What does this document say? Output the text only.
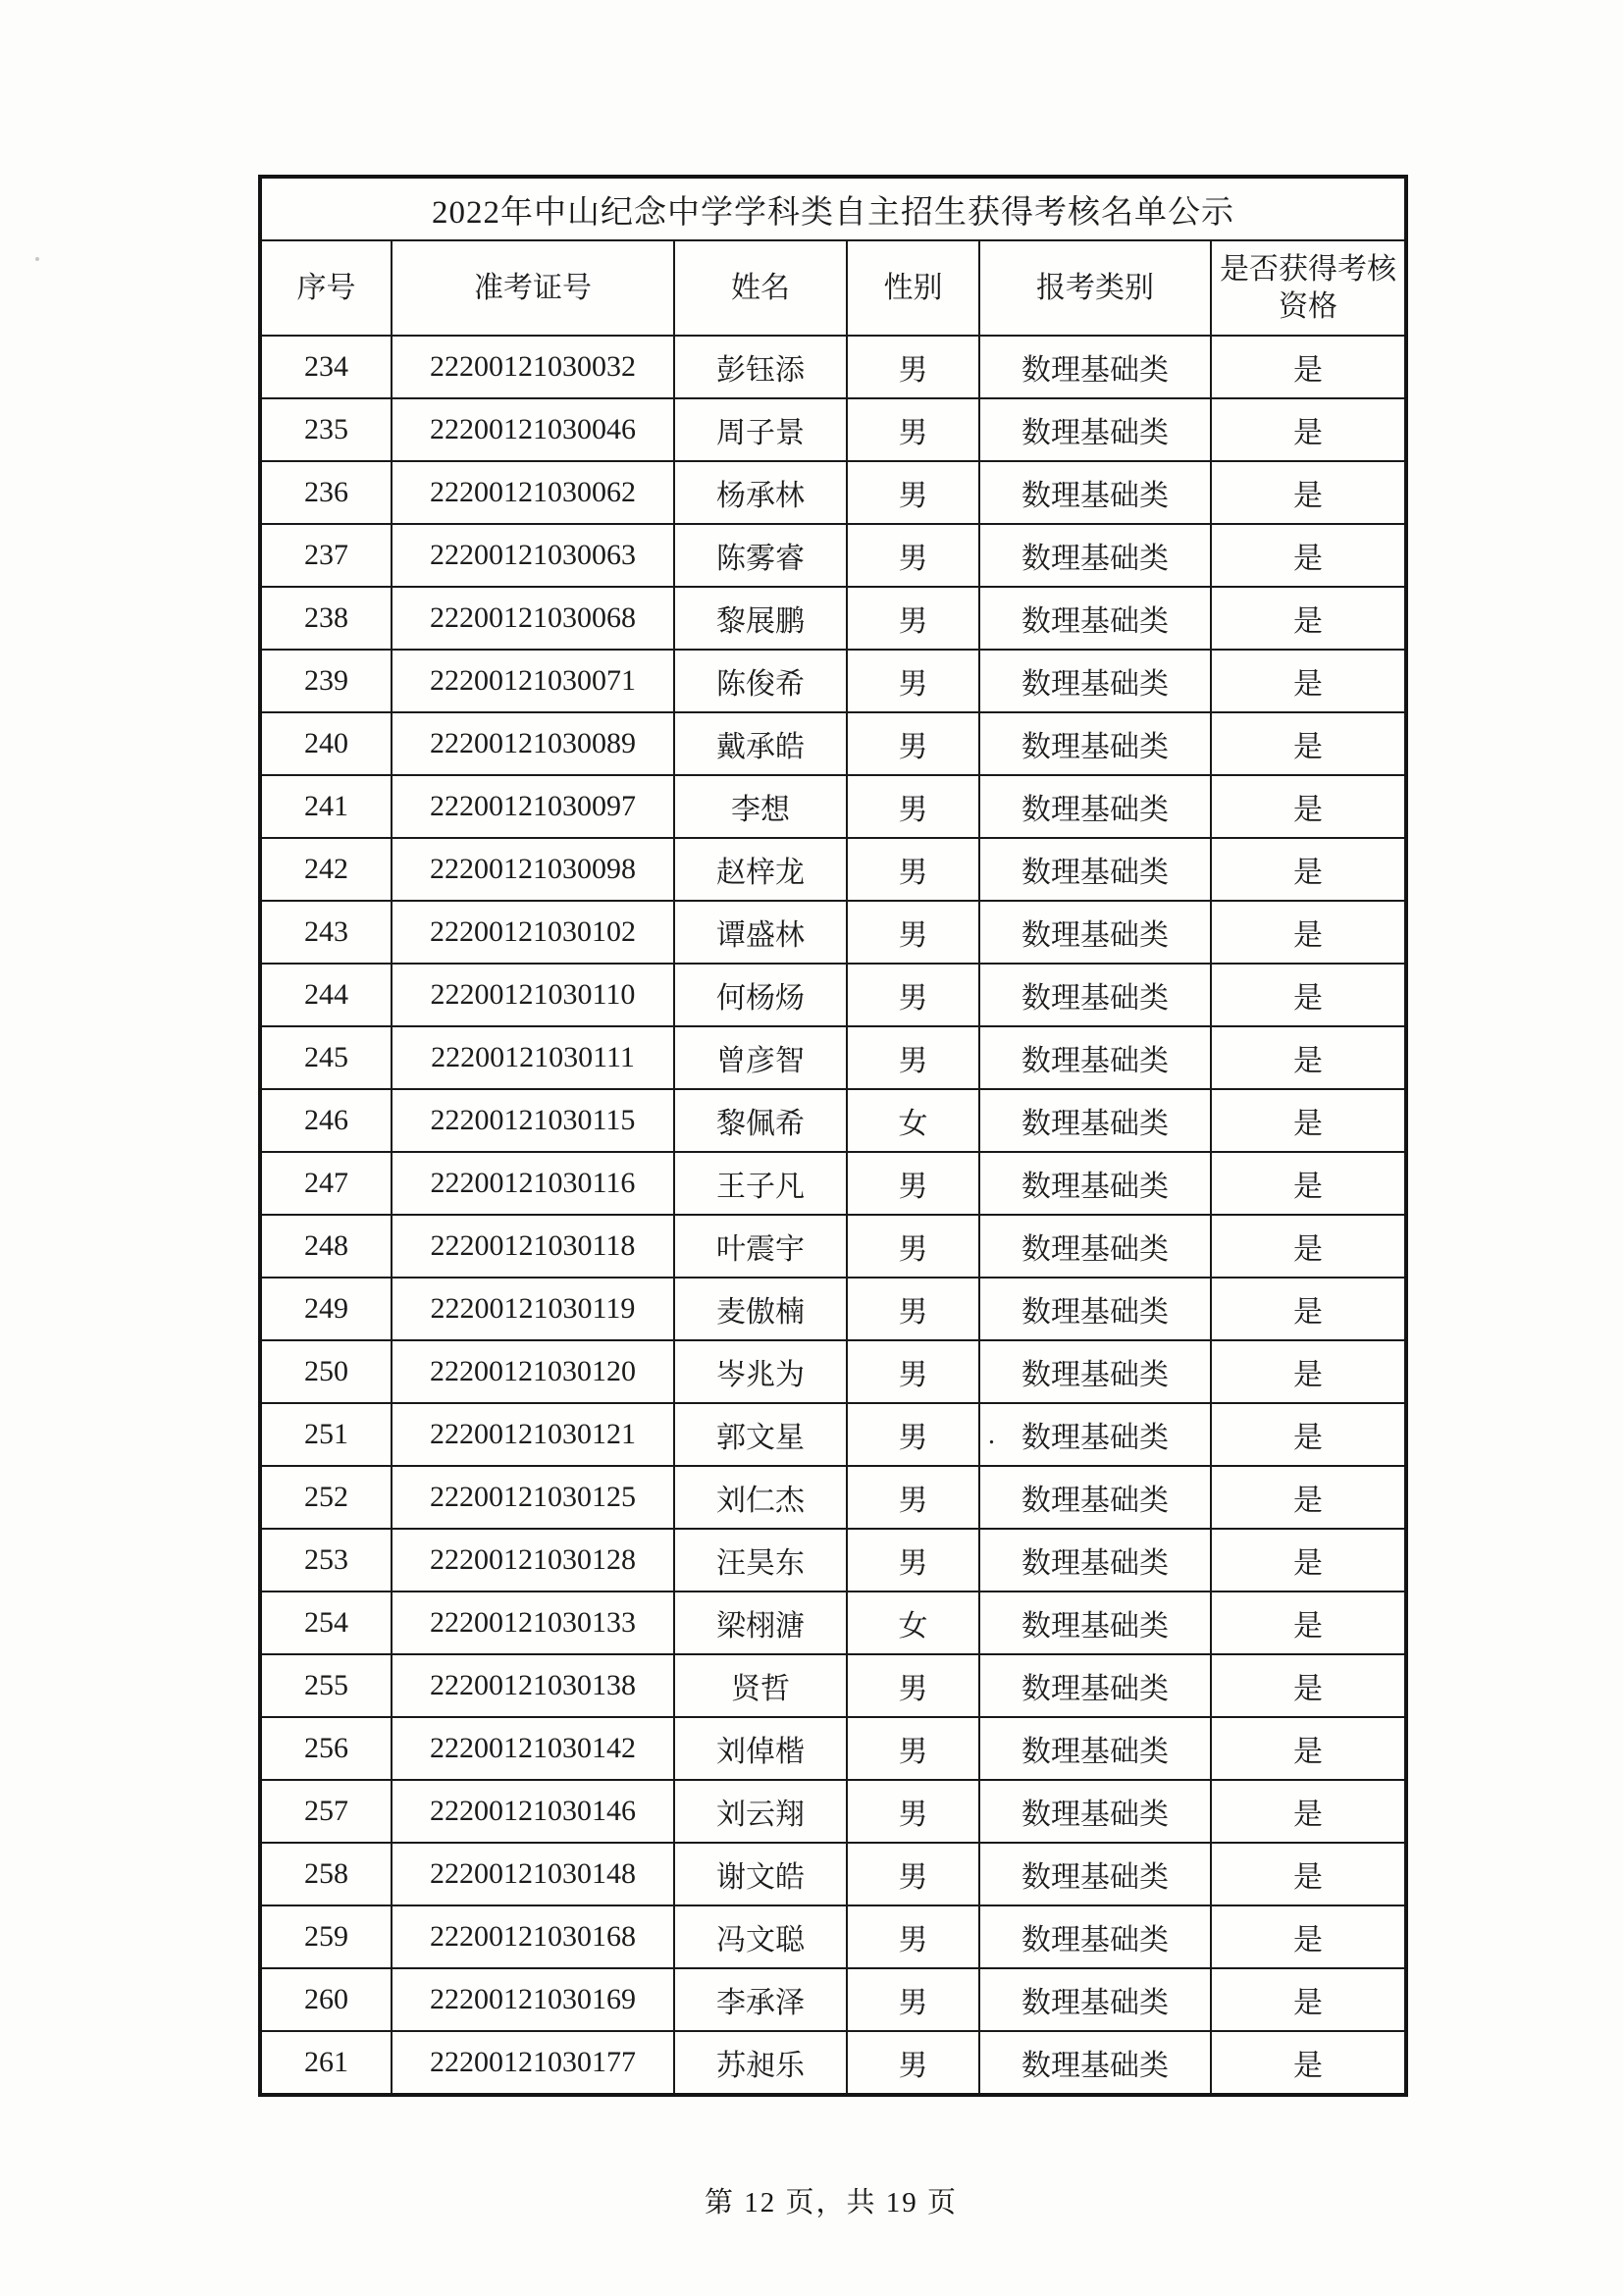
2022年中山纪念中学学科类自主招生获得考核名单公示					
序号	准考证号	姓名	性别	报考类别	是否获得考核资格
234	22200121030032	彭钰添	男	数理基础类	是
235	22200121030046	周子景	男	数理基础类	是
236	22200121030062	杨承林	男	数理基础类	是
237	22200121030063	陈雾睿	男	数理基础类	是
238	22200121030068	黎展鹏	男	数理基础类	是
239	22200121030071	陈俊希	男	数理基础类	是
240	22200121030089	戴承皓	男	数理基础类	是
241	22200121030097	李想	男	数理基础类	是
242	22200121030098	赵梓龙	男	数理基础类	是
243	22200121030102	谭盛林	男	数理基础类	是
244	22200121030110	何杨炀	男	数理基础类	是
245	22200121030111	曾彦智	男	数理基础类	是
246	22200121030115	黎佩希	女	数理基础类	是
247	22200121030116	王子凡	男	数理基础类	是
248	22200121030118	叶震宇	男	数理基础类	是
249	22200121030119	麦傲楠	男	数理基础类	是
250	22200121030120	岑兆为	男	数理基础类	是
251	22200121030121	郭文星	男	. 数理基础类	是
252	22200121030125	刘仁杰	男	数理基础类	是
253	22200121030128	汪昊东	男	数理基础类	是
254	22200121030133	梁栩溏	女	数理基础类	是
255	22200121030138	贤哲	男	数理基础类	是
256	22200121030142	刘倬楷	男	数理基础类	是
257	22200121030146	刘云翔	男	数理基础类	是
258	22200121030148	谢文皓	男	数理基础类	是
259	22200121030168	冯文聪	男	数理基础类	是
260	22200121030169	李承泽	男	数理基础类	是
261	22200121030177	苏昶乐	男	数理基础类	是
第 12 页，共 19 页
